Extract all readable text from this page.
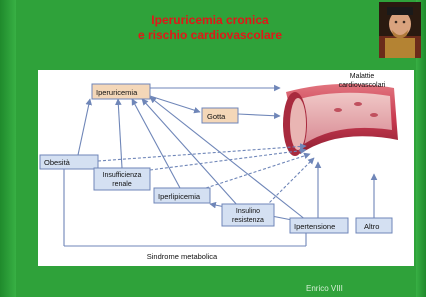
Iperuricemia cronica
e rischio cardiovascolare
Malattie
cardiovascolari
Iperuricemia
Gotta
Obesità
Insufficienza
renale
Iperlipicemia
Insulino
resistenza
Ipertensione	Altro
Sindrome metabolica
Enrico VIII
